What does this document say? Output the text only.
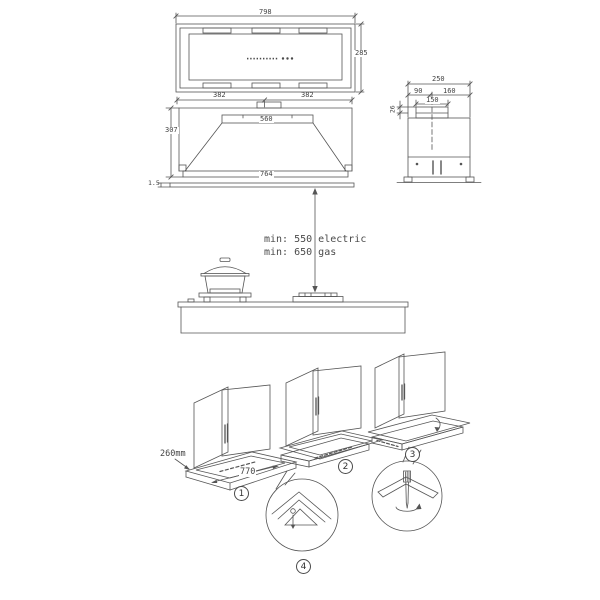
798
285
382	382
307
560
764
1.5
250
90	160
150
26
min: 550 electric
min: 650 gas
260mm
770
1
2
3
4
